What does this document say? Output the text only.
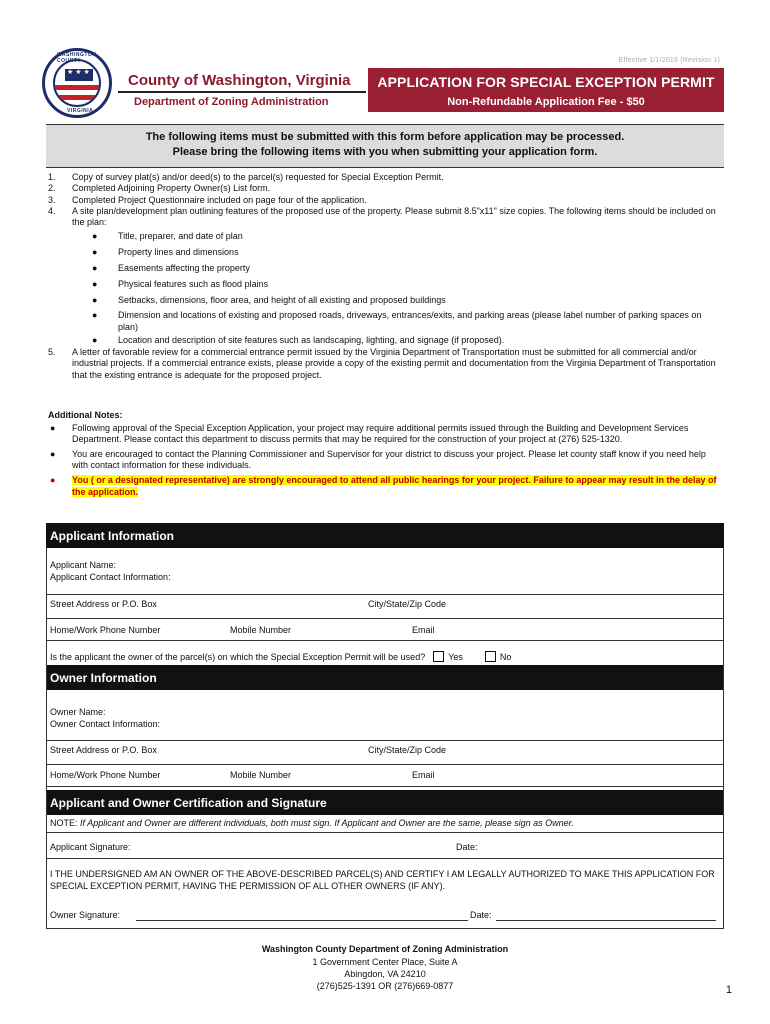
Effective 1/1/2016 (Revision 1)
★ ★ ★
WASHINGTON COUNTY
VIRGINIA
County of Washington, Virginia
Department of Zoning Administration
APPLICATION FOR SPECIAL EXCEPTION PERMIT
Non-Refundable Application Fee - $50
The following items must be submitted with this form before application may be processed.
Please bring the following items with you when submitting your application form.
1. Copy of survey plat(s) and/or deed(s) to the parcel(s) requested for Special Exception Permit.
2. Completed Adjoining Property Owner(s) List form.
3. Completed Project Questionnaire included on page four of the application.
4. A site plan/development plan outlining features of the proposed use of the property. Please submit 8.5"x11" size copies. The following items should be included on the plan:
● Title, preparer, and date of plan
● Property lines and dimensions
● Easements affecting the property
● Physical features such as flood plains
● Setbacks, dimensions, floor area, and height of all existing and proposed buildings
● Dimension and locations of existing and proposed roads, driveways, entrances/exits, and parking areas (please label number of parking spaces on plan)
● Location and description of site features such as landscaping, lighting, and signage (if proposed).
5. A letter of favorable review for a commercial entrance permit issued by the Virginia Department of Transportation must be submitted for all commercial and/or industrial projects. If a commercial entrance exists, please provide a copy of the existing permit and documentation from the Virginia Department of Transportation that the existing entrance is adequate for the proposed project.
Additional Notes:
● Following approval of the Special Exception Application, your project may require additional permits issued through the Building and Development Services Department. Please contact this department to discuss permits that may be required for the construction of your project at (276) 525-1320.
● You are encouraged to contact the Planning Commissioner and Supervisor for your district to discuss your project. Please let county staff know if you need help with contact information for these individuals.
● You ( or a designated representative) are strongly encouraged to attend all public hearings for your project. Failure to appear may result in the delay of the application.
Applicant Information
Applicant Name:
Applicant Contact Information:
Street Address or P.O. Box	City/State/Zip Code
Home/Work Phone Number	Mobile Number	Email
Is the applicant the owner of the parcel(s) on which the Special Exception Permit will be used?	Yes	No
Owner Information
Owner Name:
Owner Contact Information:
Street Address or P.O. Box	City/State/Zip Code
Home/Work Phone Number	Mobile Number	Email
Applicant and Owner Certification and Signature
NOTE: If Applicant and Owner are different individuals, both must sign. If Applicant and Owner are the same, please sign as Owner.
Applicant Signature:	Date:
I THE UNDERSIGNED AM AN OWNER OF THE ABOVE-DESCRIBED PARCEL(S) AND CERTIFY I AM LEGALLY AUTHORIZED TO MAKE THIS APPLICATION FOR SPECIAL EXCEPTION PERMIT, HAVING THE PERMISSION OF ALL OTHER OWNERS (IF ANY).
Owner Signature:	Date:
Washington County Department of Zoning Administration
1 Government Center Place, Suite A
Abingdon, VA 24210
(276)525-1391 OR (276)669-0877	1
